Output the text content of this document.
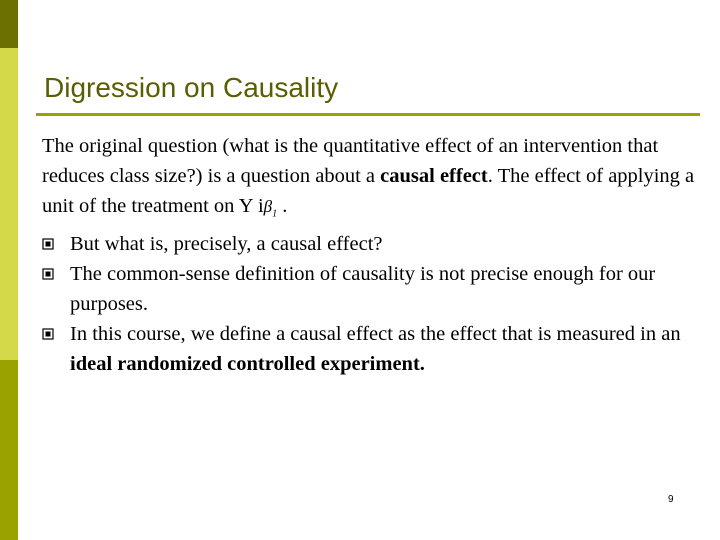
Digression on Causality

The original question (what is the quantitative effect of an intervention that reduces class size?) is a question about a causal effect. The effect of applying a unit of the treatment on Y $i\beta_1$ .

But what is, precisely, a causal effect?
The common-sense definition of causality is not precise enough for our purposes.
In this course, we define a causal effect as the effect that is measured in an ideal randomized controlled experiment.
9
